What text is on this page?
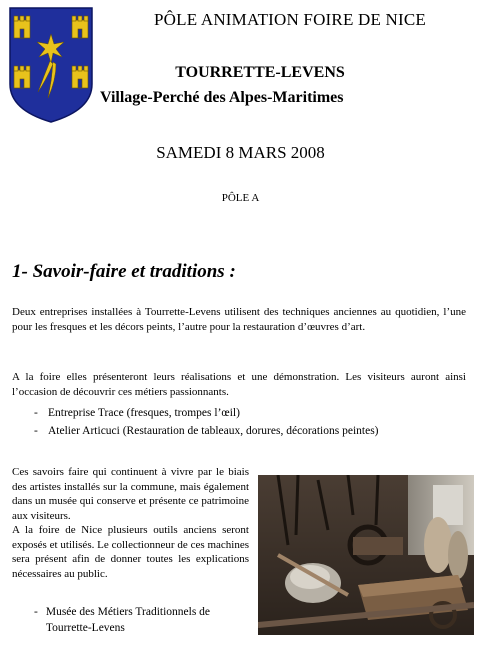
PÔLE ANIMATION FOIRE DE NICE
TOURRETTE-LEVENS
Village-Perché des Alpes-Maritimes
SAMEDI 8 MARS 2008
PÔLE A
1- Savoir-faire et traditions :
Deux entreprises installées à Tourrette-Levens utilisent des techniques anciennes au quotidien, l’une pour les fresques et les décors peints, l’autre pour la restauration d’œuvres d’art.
A la foire elles présenteront leurs réalisations et une démonstration. Les visiteurs auront ainsi l’occasion de découvrir ces métiers passionnants.
- Entreprise Trace (fresques, trompes l’œil)
- Atelier Articuci (Restauration de tableaux, dorures, décorations peintes)
Ces savoirs faire qui continuent à vivre par le biais des artistes installés sur la commune, mais également dans un musée qui conserve et présente ce patrimoine aux visiteurs.
A la foire de Nice plusieurs outils anciens seront exposés et utilisés. Le collectionneur de ces machines sera présent afin de donner toutes les explications nécessaires au public.
- Musée des Métiers Traditionnels de Tourrette-Levens
